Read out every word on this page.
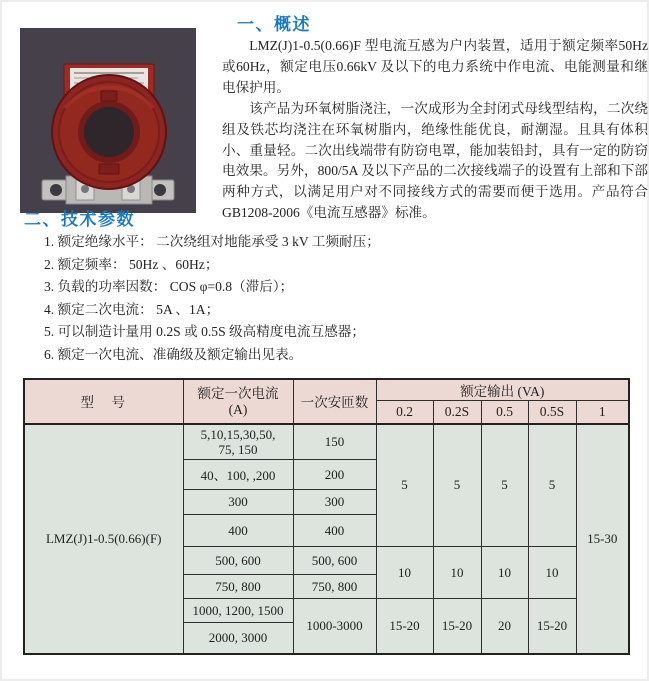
一、概述

LMZ(J)1-0.5(0.66)F 型电流互感为户内装置，适用于额定频率50Hz 或60Hz，额定电压0.66kV 及以下的电力系统中作电流、电能测量和继电保护用。

该产品为环氧树脂浇注，一次成形为全封闭式母线型结构，二次绕组及铁芯均浇注在环氧树脂内，绝缘性能优良，耐潮湿。且具有体积小、重量轻。二次出线端带有防窃电罩，能加装铅封，具有一定的防窃电效果。另外，800/5A 及以下产品的二次接线端子的设置有上部和下部两种方式，以满足用户对不同接线方式的需要而便于选用。产品符合 GB1208-2006《电流互感器》标准。

二、技术参数
1. 额定绝缘水平： 二次绕组对地能承受 3 kV 工频耐压；
2. 额定频率： 50Hz 、60Hz；
3. 负载的功率因数： COS φ=0.8（滞后）；
4. 额定二次电流： 5A 、1A；
5. 可以制造计量用 0.2S 或 0.5S 级高精度电流互感器；
6. 额定一次电流、准确级及额定输出见表。
型　号	额定一次电流
(A)	一次安匝数	额定输出 (VA)				
			0.2	0.2S	0.5	0.5S	1
LMZ(J)1-0.5(0.66)(F)	5,10,15,30,50,
75, 150	150	5	5	5	5	15-30
	40、100, ,200	200					
	300	300					
	400	400					
	500, 600	500, 600	10	10	10	10	
	750, 800	750, 800					
	1000, 1200, 1500	1000-3000	15-20	15-20	20	15-20	
	2000, 3000						
